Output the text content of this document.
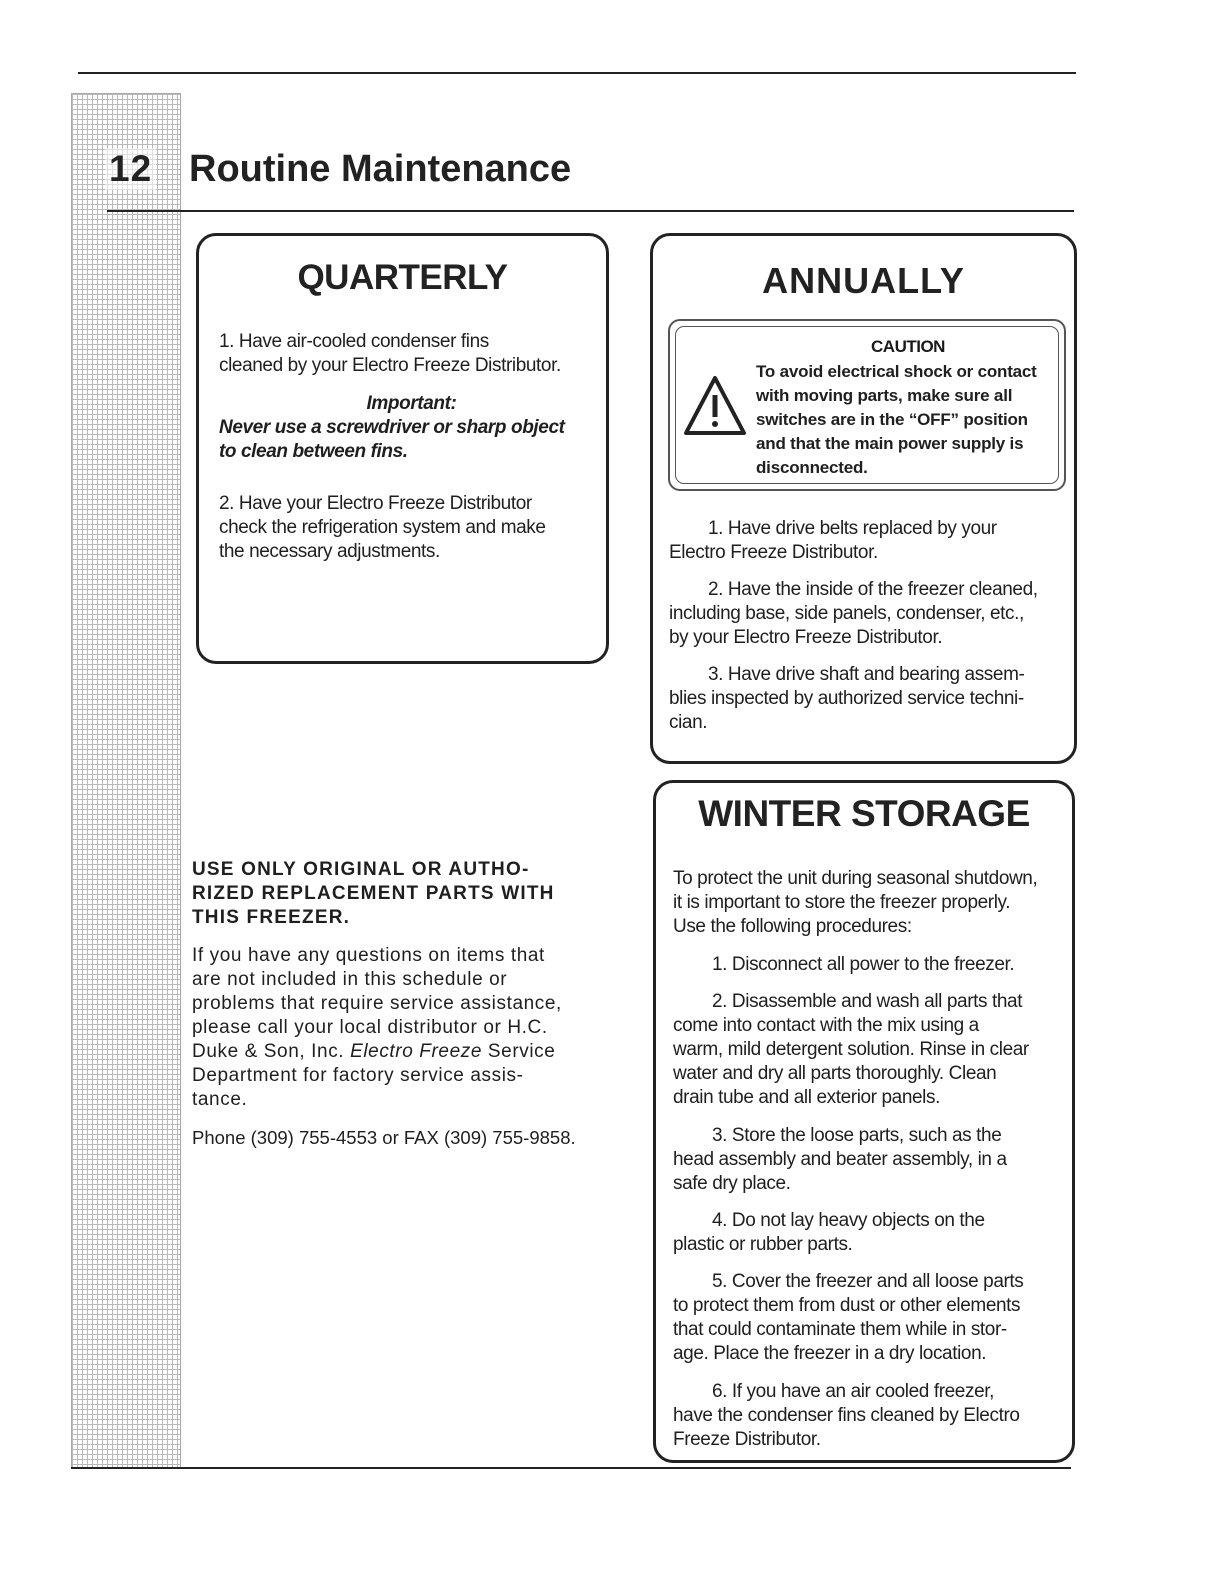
12 Routine Maintenance
QUARTERLY

1. Have air-cooled condenser fins

cleaned by your Electro Freeze Distributor.

Important:

Never use a screwdriver or sharp object

to clean between fins.

2. Have your Electro Freeze Distributor

check the refrigeration system and make

the necessary adjustments.

ANNUALLY

1. Have drive belts replaced by your

Electro Freeze Distributor.

2. Have the inside of the freezer cleaned,

including base, side panels, condenser, etc.,

by your Electro Freeze Distributor.

3. Have drive shaft and bearing assem-

blies inspected by authorized service techni-

cian.

CAUTION

To avoid electrical shock or contact

with moving parts, make sure all

switches are in the “OFF” position

and that the main power supply is

disconnected.

USE ONLY ORIGINAL OR AUTHO-
RIZED REPLACEMENT PARTS WITH
THIS FREEZER.
If you have any questions on items that
are not included in this schedule or
problems that require service assistance,
please call your local distributor or H.C.
Duke & Son, Inc. Electro Freeze Service
Department for factory service assis-
tance.
Phone (309) 755-4553 or FAX (309) 755-9858.
WINTER STORAGE

To protect the unit during seasonal shutdown,

it is important to store the freezer properly.

Use the following procedures:

1. Disconnect all power to the freezer.

2. Disassemble and wash all parts that

come into contact with the mix using a

warm, mild detergent solution. Rinse in clear

water and dry all parts thoroughly. Clean

drain tube and all exterior panels.

3. Store the loose parts, such as the

head assembly and beater assembly, in a

safe dry place.

4. Do not lay heavy objects on the

plastic or rubber parts.

5. Cover the freezer and all loose parts

to protect them from dust or other elements

that could contaminate them while in stor-

age. Place the freezer in a dry location.

6. If you have an air cooled freezer,

have the condenser fins cleaned by Electro

Freeze Distributor.
